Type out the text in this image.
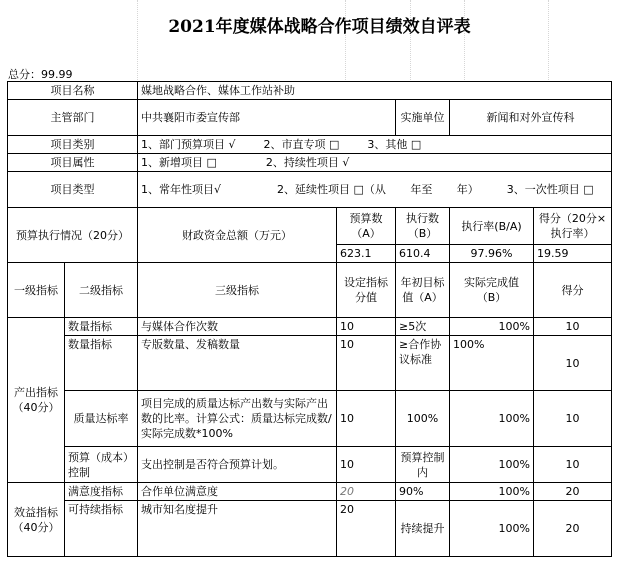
2021年度媒体战略合作项目绩效自评表
总分：99.99
项目名称		媒地战略合作、媒体工作站补助				
主管部门		中共襄阳市委宣传部		实施单位	新闻和对外宣传科	
项目类别		1、部门预算项目 √        2、市直专项 □        3、其他 □				
项目属性		1、新增项目 □              2、持续性项目 √				
项目类型		1、常年性项目√                2、延续性项目 □（从       年至       年）        3、一次性项目 □				
预算执行情况（20分）		财政资金总额（万元）	预算数（A）	执行数（B）	执行率(B/A)	得分（20分×执行率）
			623.1	610.4	97.96%	19.59
一级指标	二级指标	三级指标	设定指标分值	年初目标值（A）	实际完成值（B）	得分
产出指标（40分）	数量指标	与媒体合作次数	10	≥5次	100%	10
	数量指标	专版数量、发稿数量	10	≥合作协议标准	100%	10
	质量达标率	项目完成的质量达标产出数与实际产出数的比率。计算公式：质量达标完成数/实际完成数*100%	10	100%	100%	10
	预算（成本）控制	支出控制是否符合预算计划。	10	预算控制内	100%	10
效益指标（40分）	满意度指标	合作单位满意度	20	90%	100%	20
	可持续指标	城市知名度提升	20	持续提升	100%	20
